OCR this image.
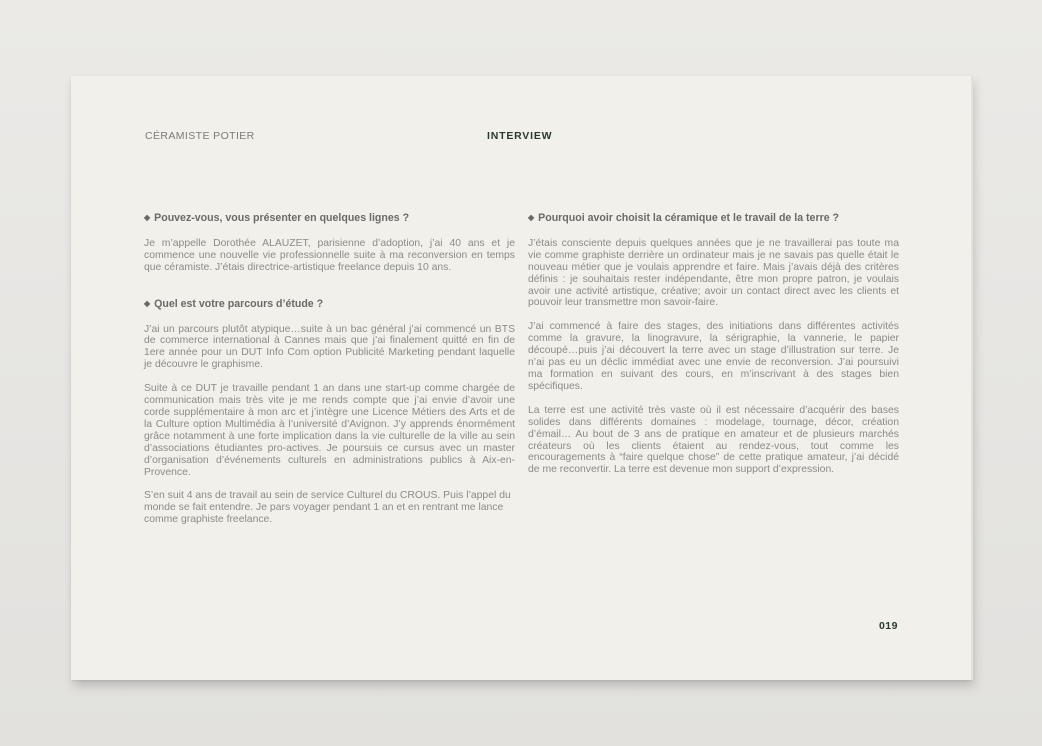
CÉRAMISTE POTIER	INTERVIEW
◆ Pouvez-vous, vous présenter en quelques lignes ?

Je m’appelle Dorothée ALAUZET, parisienne d’adoption, j’ai 40 ans et je commence une nouvelle vie professionnelle suite à ma reconversion en temps que céramiste. J’étais directrice-artistique freelance depuis 10 ans.

◆ Quel est votre parcours d’étude ?

J’ai un parcours plutôt atypique…suite à un bac général j’ai commencé un BTS de commerce international à Cannes mais que j’ai finalement quitté en fin de 1ere année pour un DUT Info Com option Publicité Marketing pendant laquelle je découvre le graphisme.

Suite à ce DUT je travaille pendant 1 an dans une start-up comme chargée de communication mais très vite je me rends compte que j’ai envie d’avoir une corde supplémentaire à mon arc et j’intègre une Licence Métiers des Arts et de la Culture option Multimédia à l’université d’Avignon. J’y apprends énormément grâce notamment à une forte implication dans la vie culturelle de la ville au sein d’associations étudiantes pro-actives. Je poursuis ce cursus avec un master d’organisation d’événements culturels en administrations publics à Aix-en-Provence.

S’en suit 4 ans de travail au sein de service Culturel du CROUS. Puis l’appel du monde se fait entendre. Je pars voyager pendant 1 an et en rentrant me lance comme graphiste freelance.

◆ Pourquoi avoir choisit la céramique et le travail de la terre ?

J’étais consciente depuis quelques années que je ne travaillerai pas toute ma vie comme graphiste derrière un ordinateur mais je ne savais pas quelle était le nouveau métier que je voulais apprendre et faire. Mais j’avais déjà des critères définis : je souhaitais rester indépendante, être mon propre patron, je voulais avoir une activité artistique, créative; avoir un contact direct avec les clients et pouvoir leur transmettre mon savoir-faire.

J’ai commencé à faire des stages, des initiations dans différentes activités comme la gravure, la linogravure, la sérigraphie, la vannerie, le papier découpé…puis j’ai découvert la terre avec un stage d’illustration sur terre. Je n’ai pas eu un déclic immédiat avec une envie de reconversion. J’ai poursuivi ma formation en suivant des cours, en m’inscrivant à des stages bien spécifiques.

La terre est une activité très vaste où il est nécessaire d’acquérir des bases solides dans différents domaines : modelage, tournage, décor, création d’émail… Au bout de 3 ans de pratique en amateur et de plusieurs marchés créateurs où les clients étaient au rendez-vous, tout comme les encouragements à “faire quelque chose” de cette pratique amateur, j’ai décidé de me reconvertir. La terre est devenue mon support d’expression.

019
